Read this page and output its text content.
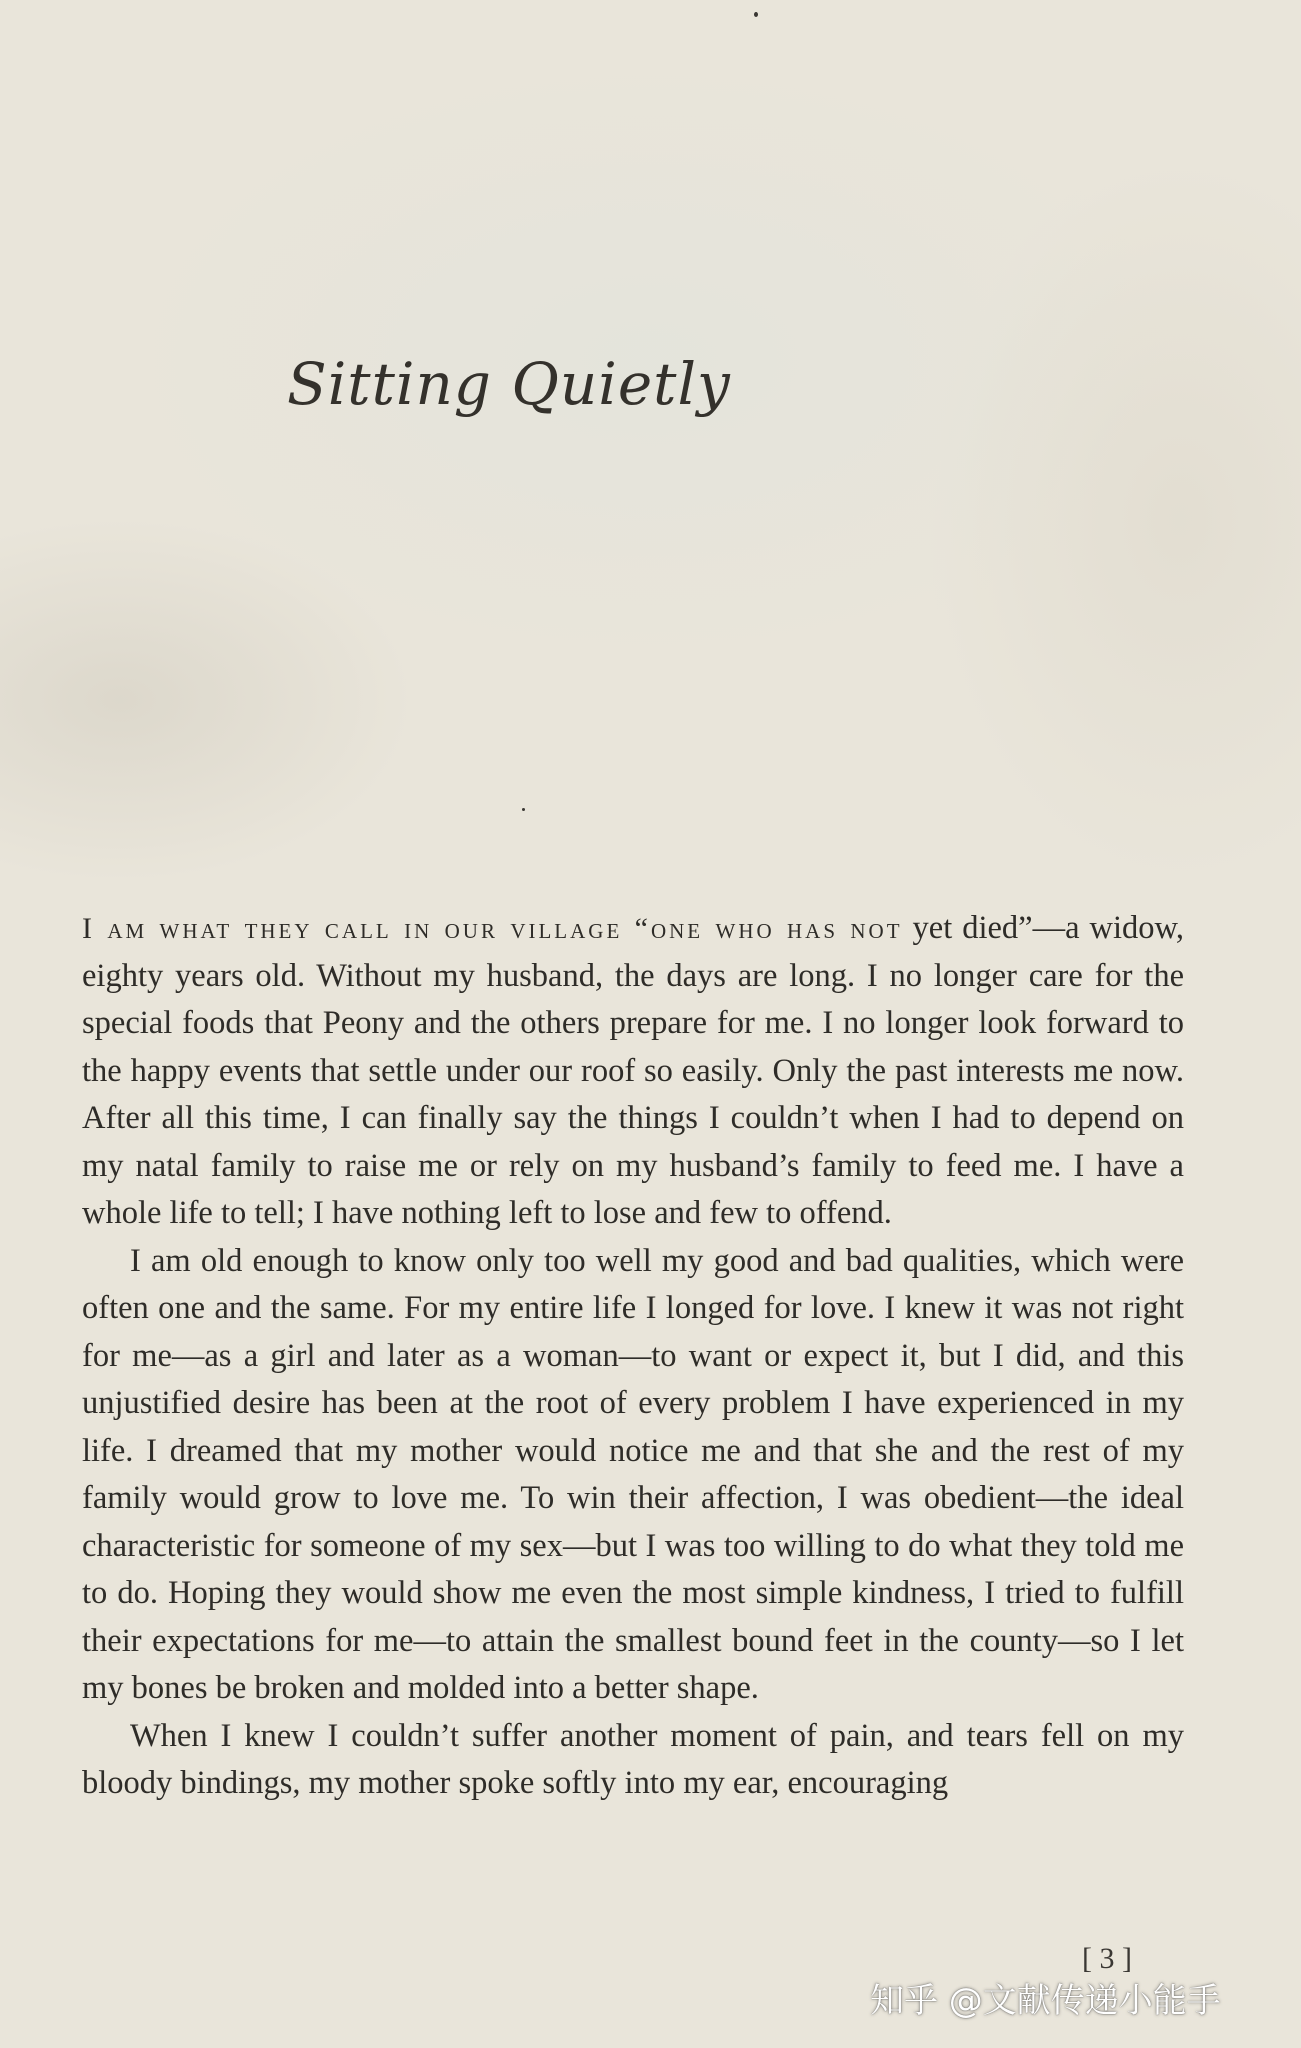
Sitting Quietly

I am what they call in our village “one who has not yet died”—a widow, eighty years old. Without my husband, the days are long. I no longer care for the special foods that Peony and the others prepare for me. I no longer look forward to the happy events that settle under our roof so easily. Only the past interests me now. After all this time, I can finally say the things I couldn’t when I had to depend on my natal family to raise me or rely on my husband’s family to feed me. I have a whole life to tell; I have nothing left to lose and few to offend.

I am old enough to know only too well my good and bad qualities, which were often one and the same. For my entire life I longed for love. I knew it was not right for me—as a girl and later as a woman—to want or expect it, but I did, and this unjustified desire has been at the root of every problem I have experienced in my life. I dreamed that my mother would notice me and that she and the rest of my family would grow to love me. To win their affection, I was obedient—the ideal characteristic for someone of my sex—but I was too willing to do what they told me to do. Hoping they would show me even the most simple kindness, I tried to fulfill their expectations for me—to attain the smallest bound feet in the county—so I let my bones be broken and molded into a better shape.

When I knew I couldn’t suffer another moment of pain, and tears fell on my bloody bindings, my mother spoke softly into my ear, encouraging

[ 3 ]
知乎 @文献传递小能手
